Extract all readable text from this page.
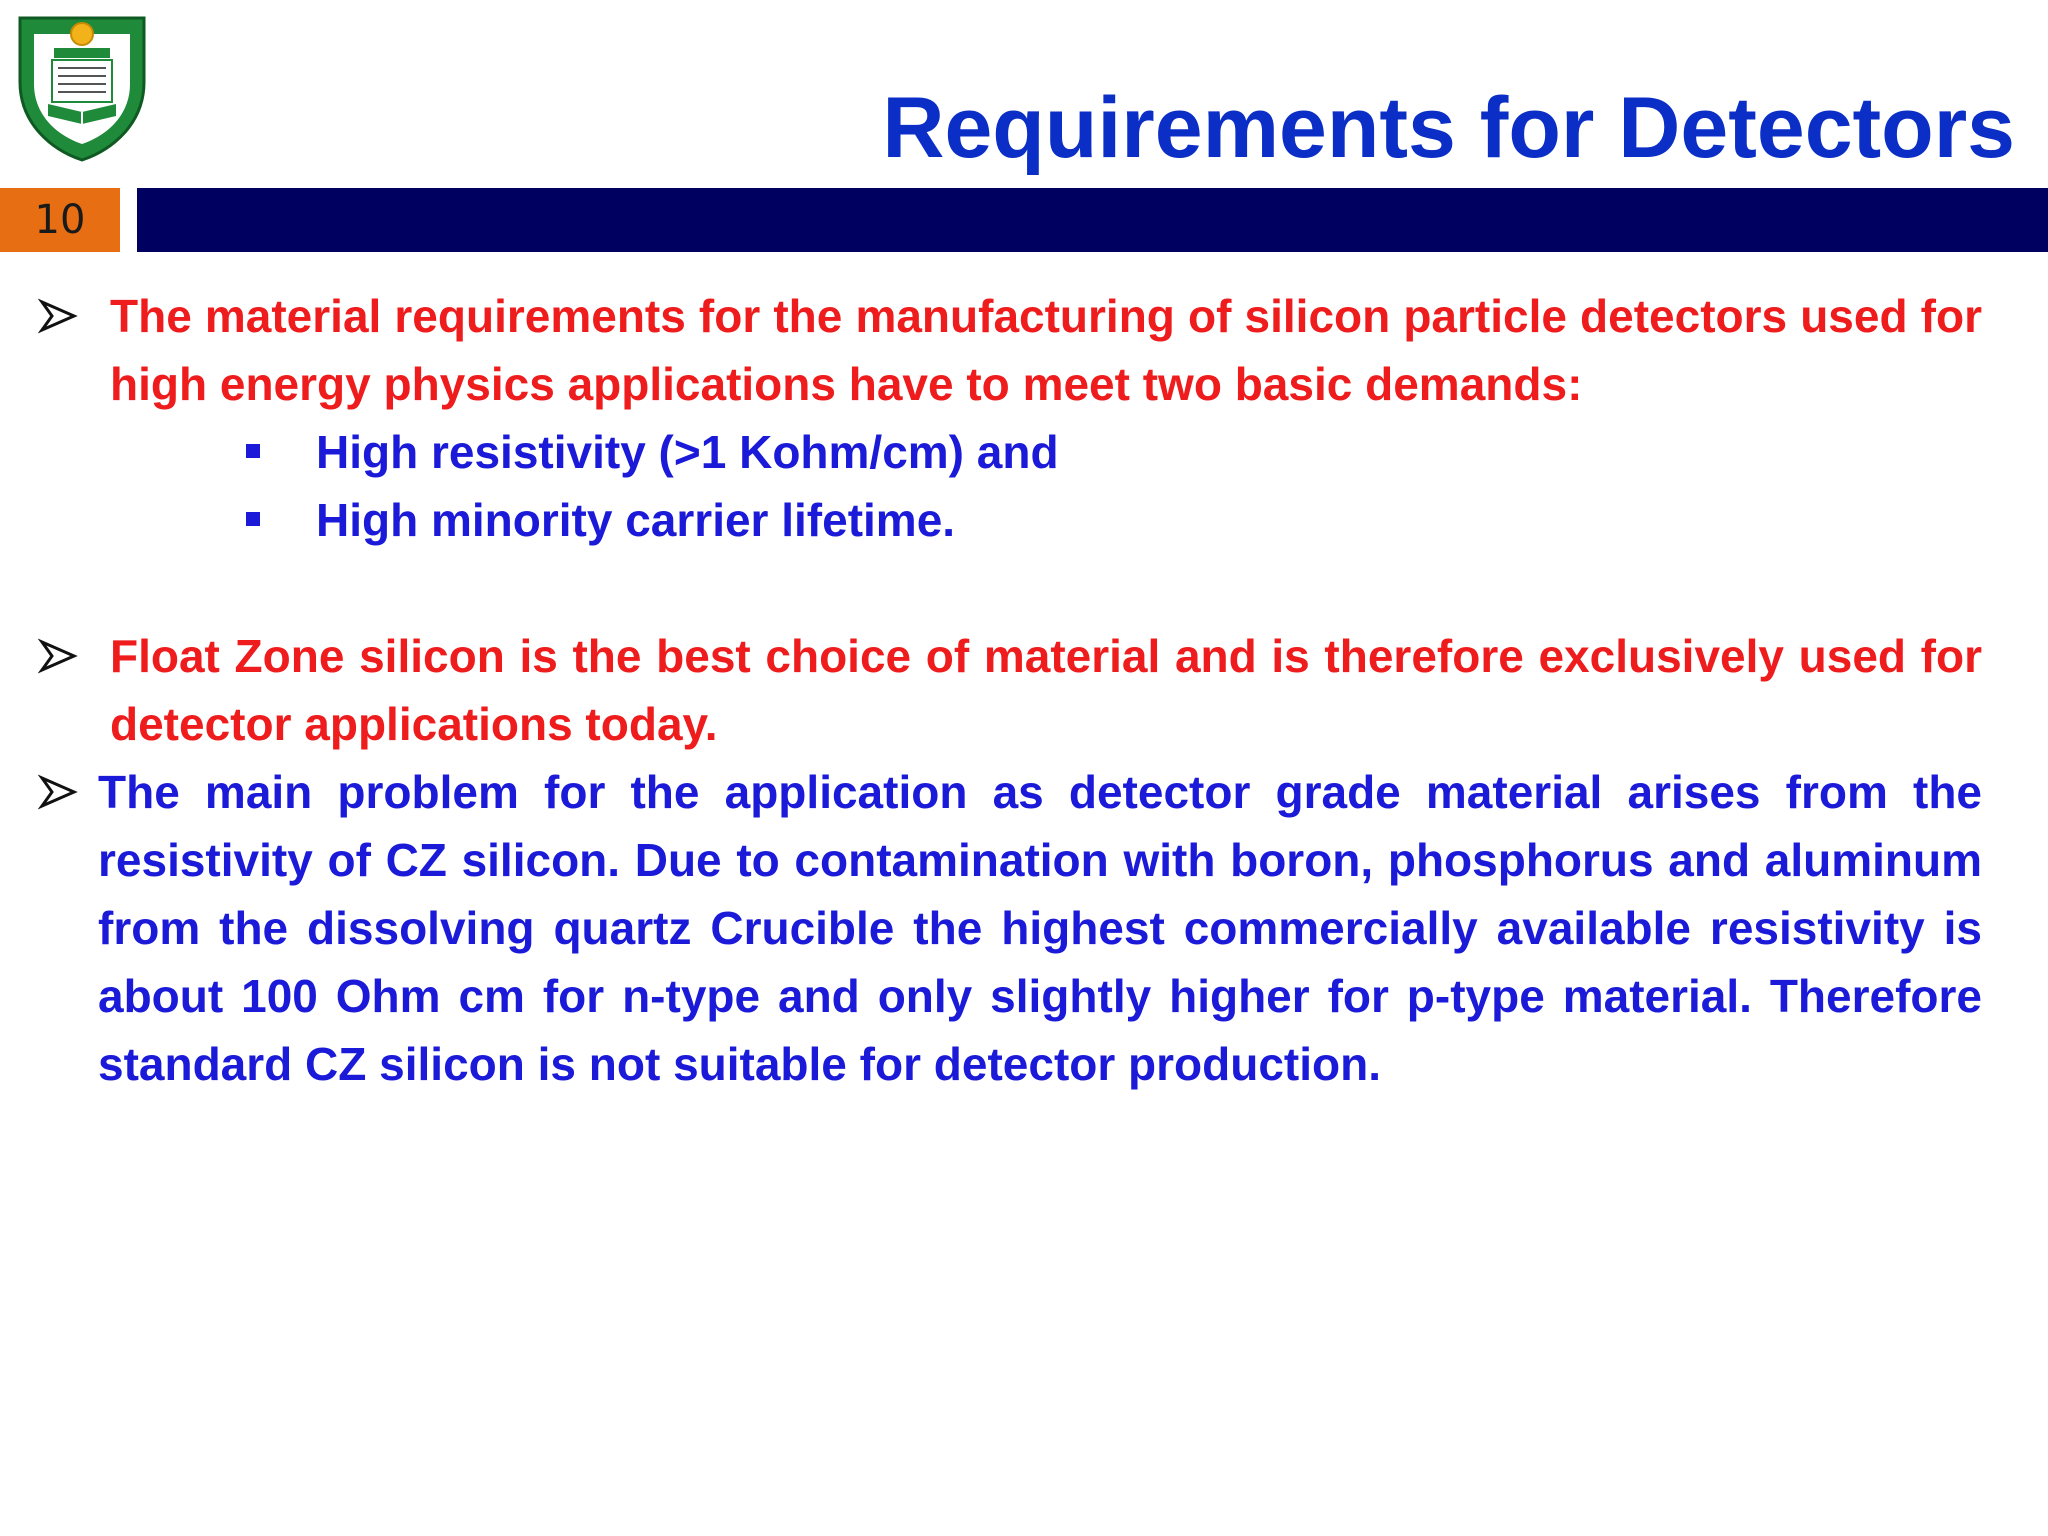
Requirements for Detectors
10
The material requirements for the manufacturing of silicon particle detectors used for high energy physics applications have to meet two basic demands:
High resistivity (>1 Kohm/cm) and
High minority carrier lifetime.
Float Zone silicon is the best choice of material and is therefore exclusively used for detector applications today.
The main problem for the application as detector grade material arises from the resistivity of CZ silicon. Due to contamination with boron, phosphorus and aluminum from the dissolving quartz Crucible the highest commercially available resistivity is about 100 Ohm cm for n-type and only slightly higher for p-type material. Therefore standard CZ silicon is not suitable for detector production.
